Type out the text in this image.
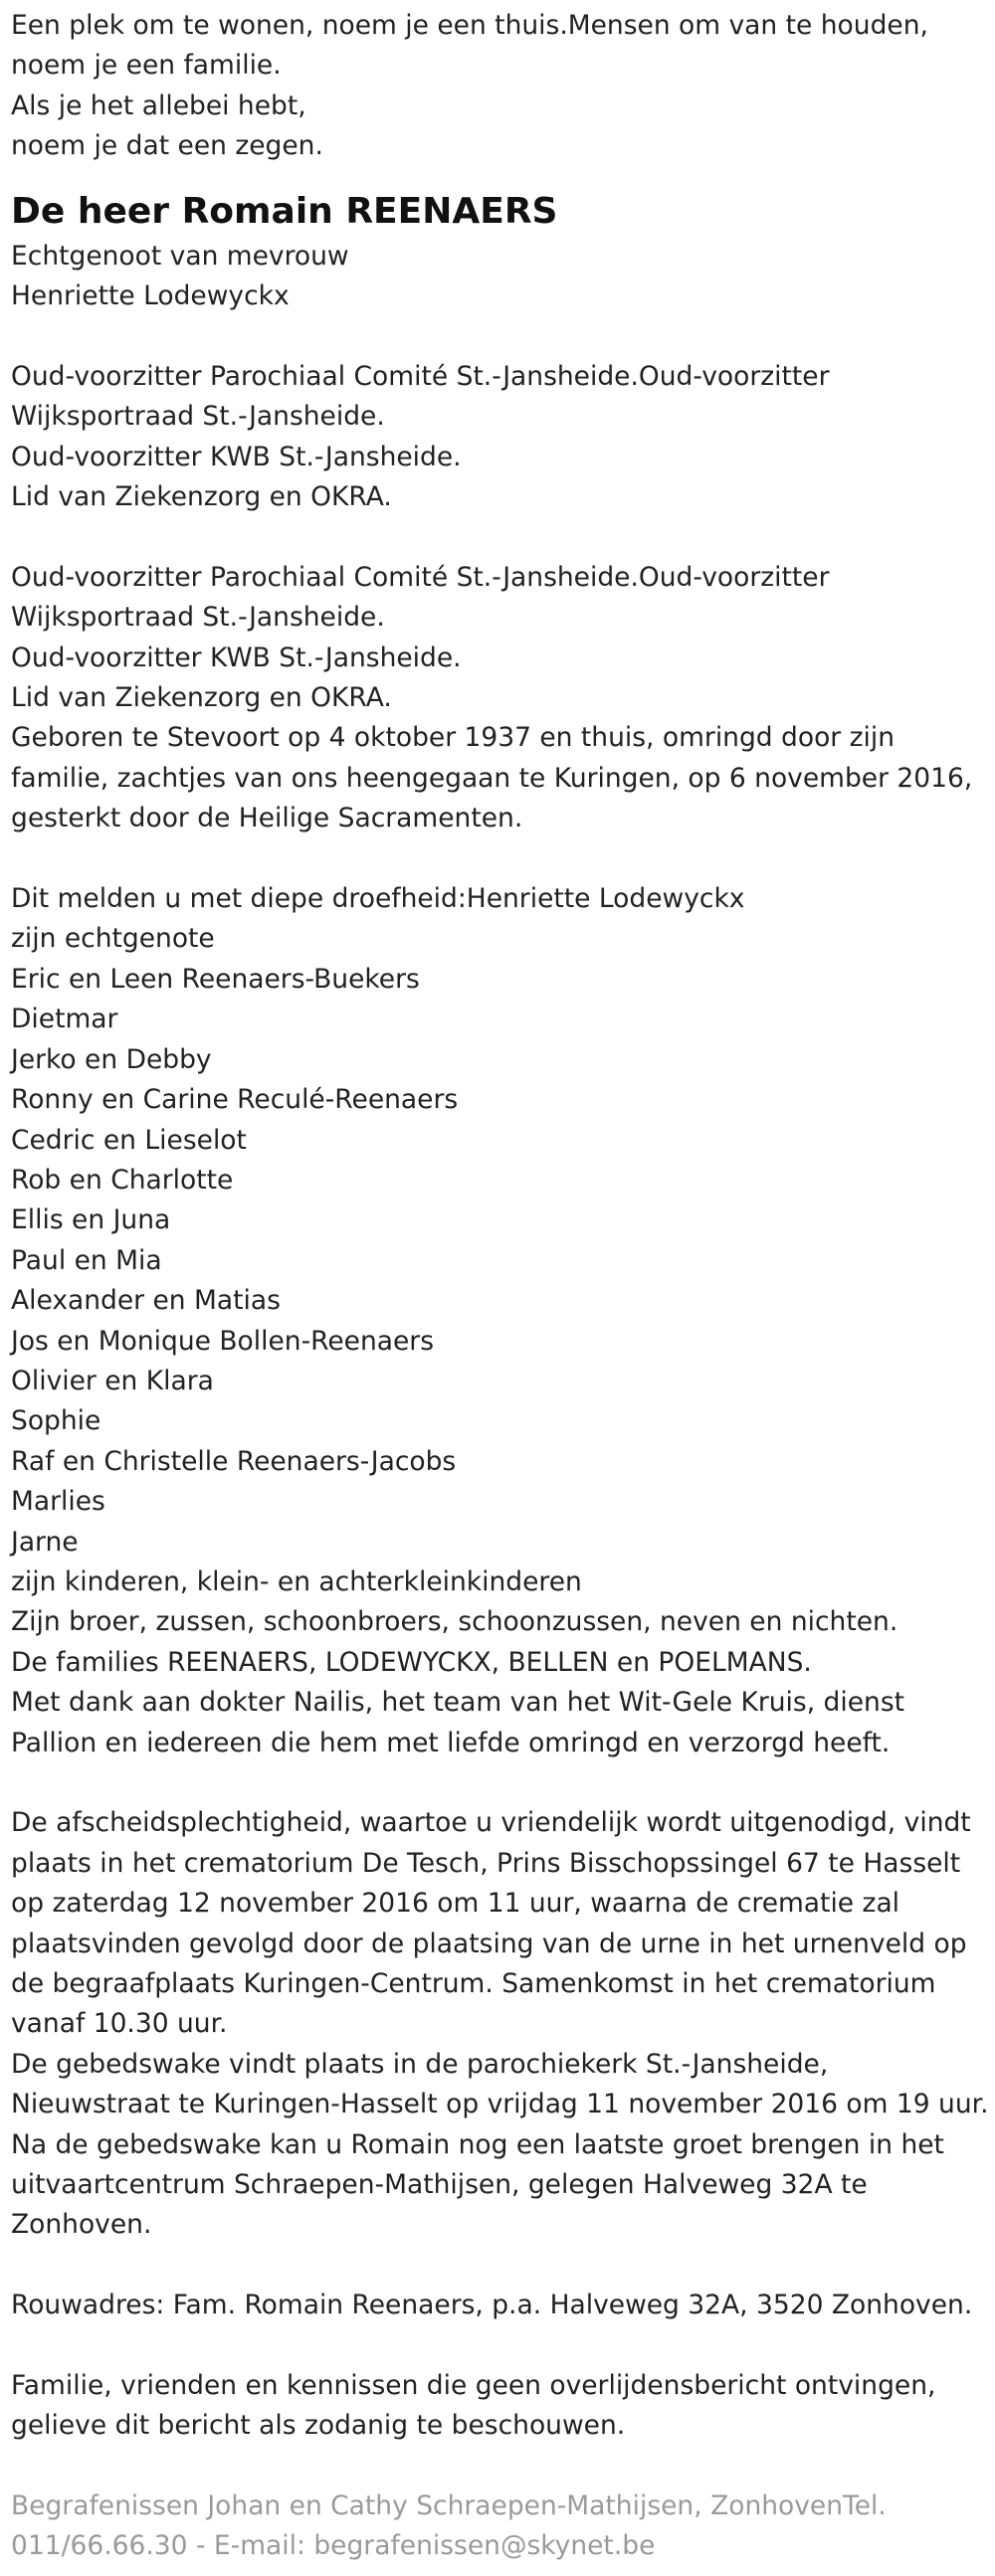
Een plek om te wonen, noem je een thuis.Mensen om van te houden,

noem je een familie.

Als je het allebei hebt,

noem je dat een zegen.

De heer Romain REENAERS

Echtgenoot van mevrouw

Henriette Lodewyckx

Oud-voorzitter Parochiaal Comité St.-Jansheide.Oud-voorzitter

Wijksportraad St.-Jansheide.

Oud-voorzitter KWB St.-Jansheide.

Lid van Ziekenzorg en OKRA.

Oud-voorzitter Parochiaal Comité St.-Jansheide.Oud-voorzitter

Wijksportraad St.-Jansheide.

Oud-voorzitter KWB St.-Jansheide.

Lid van Ziekenzorg en OKRA.

Geboren te Stevoort op 4 oktober 1937 en thuis, omringd door zijn

familie, zachtjes van ons heengegaan te Kuringen, op 6 november 2016,

gesterkt door de Heilige Sacramenten.

Dit melden u met diepe droefheid:Henriette Lodewyckx

zijn echtgenote

Eric en Leen Reenaers-Buekers

Dietmar

Jerko en Debby

Ronny en Carine Reculé-Reenaers

Cedric en Lieselot

Rob en Charlotte

Ellis en Juna

Paul en Mia

Alexander en Matias

Jos en Monique Bollen-Reenaers

Olivier en Klara

Sophie

Raf en Christelle Reenaers-Jacobs

Marlies

Jarne

zijn kinderen, klein- en achterkleinkinderen

Zijn broer, zussen, schoonbroers, schoonzussen, neven en nichten.

De families REENAERS, LODEWYCKX, BELLEN en POELMANS.

Met dank aan dokter Nailis, het team van het Wit-Gele Kruis, dienst

Pallion en iedereen die hem met liefde omringd en verzorgd heeft.

De afscheidsplechtigheid, waartoe u vriendelijk wordt uitgenodigd, vindt

plaats in het crematorium De Tesch, Prins Bisschopssingel 67 te Hasselt

op zaterdag 12 november 2016 om 11 uur, waarna de crematie zal

plaatsvinden gevolgd door de plaatsing van de urne in het urnenveld op

de begraafplaats Kuringen-Centrum. Samenkomst in het crematorium

vanaf 10.30 uur.

De gebedswake vindt plaats in de parochiekerk St.-Jansheide,

Nieuwstraat te Kuringen-Hasselt op vrijdag 11 november 2016 om 19 uur.

Na de gebedswake kan u Romain nog een laatste groet brengen in het

uitvaartcentrum Schraepen-Mathijsen, gelegen Halveweg 32A te

Zonhoven.

Rouwadres: Fam. Romain Reenaers, p.a. Halveweg 32A, 3520 Zonhoven.

Familie, vrienden en kennissen die geen overlijdensbericht ontvingen,

gelieve dit bericht als zodanig te beschouwen.

Begrafenissen Johan en Cathy Schraepen-Mathijsen, ZonhovenTel.

011/66.66.30 - E-mail: begrafenissen@skynet.be
